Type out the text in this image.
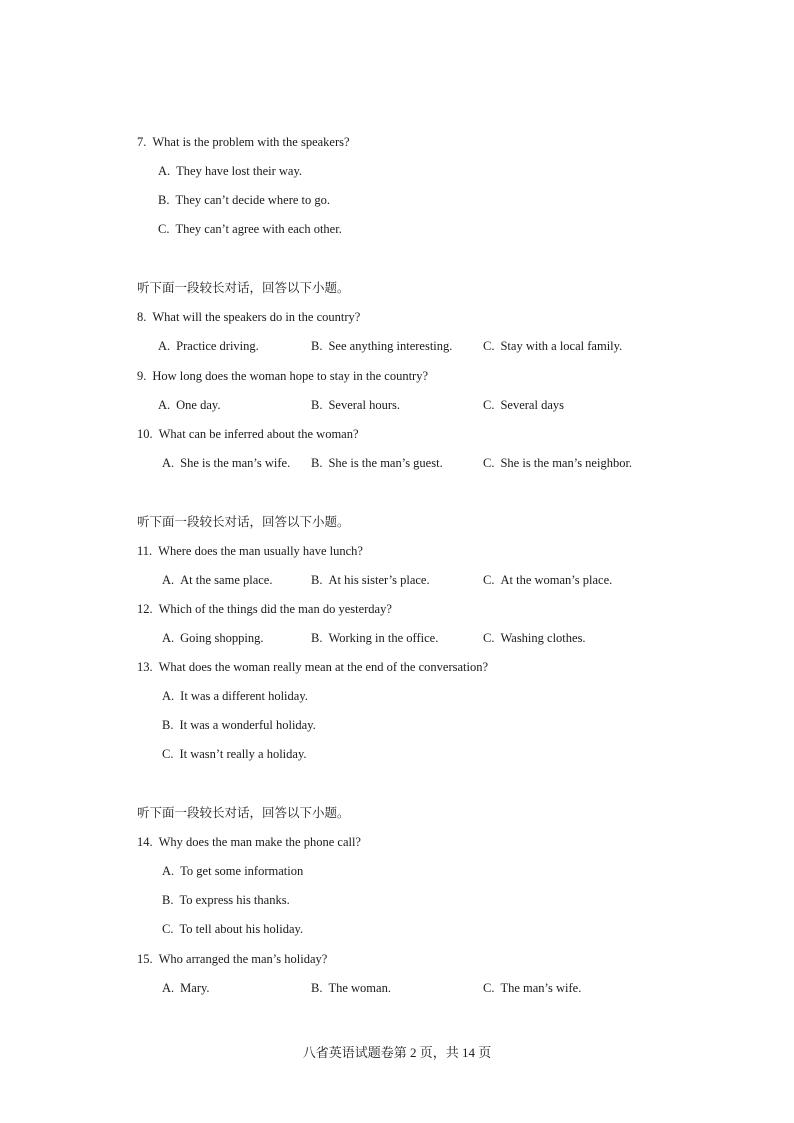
7. What is the problem with the speakers?
A. They have lost their way.
B. They can’t decide where to go.
C. They can’t agree with each other.
听下面一段较长对话，回答以下小题。
8. What will the speakers do in the country?
A. Practice driving.	B. See anything interesting. C. Stay with a local family.
9. How long does the woman hope to stay in the country?
A. One day.	B. Several hours.	C. Several days
10. What can be inferred about the woman?
A. She is the man’s wife. B. She is the man’s guest.	C. She is the man’s neighbor.
听下面一段较长对话，回答以下小题。
11. Where does the man usually have lunch?
A. At the same place.	B. At his sister’s place.	C. At the woman’s place.
12. Which of the things did the man do yesterday?
A. Going shopping.	B. Working in the office.	C. Washing clothes.
13. What does the woman really mean at the end of the conversation?
A. It was a different holiday.
B. It was a wonderful holiday.
C. It wasn’t really a holiday.
听下面一段较长对话，回答以下小题。
14. Why does the man make the phone call?
A. To get some information
B. To express his thanks.
C. To tell about his holiday.
15. Who arranged the man’s holiday?
A. Mary.	B. The woman.	C. The man’s wife.
八省英语试题卷第 2 页，共 14 页
